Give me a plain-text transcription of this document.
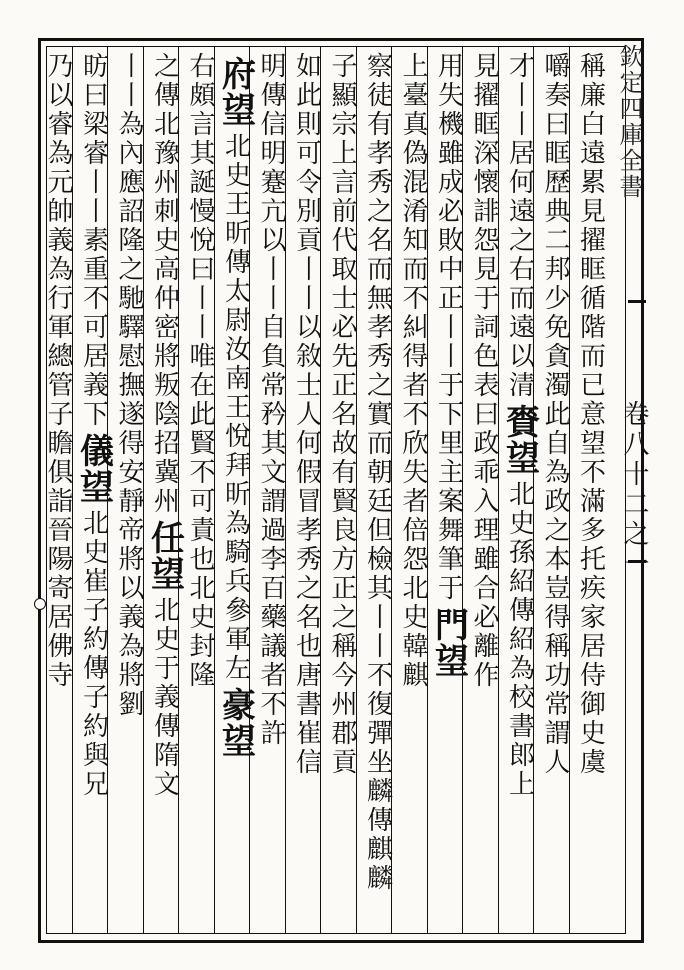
欽定四庫全書
卷八十二之一
稱廉白遠累見擢眶循階而已意望不滿多托疾家居侍御史虞
嚼奏曰眶歷典二邦少免貪濁此自為政之本豈得稱功常謂人
才丨丨居何遠之右而遠以清
賚望
北史孫紹傳紹為校書郎上
見擢眶深懷誹怨見于詞色
表曰政乖入理雖合必離作
用失機雖成必敗中正丨丨于下里主案舞筆于
門望
上臺真偽混淆知而不糾得者不欣失者倍怨
北史韓麒
察徒有孝秀之名而無孝秀之實而朝廷但檢其丨丨不復彈坐
麟傳麒麟
子顯宗上言前代取士必先正名故有賢良方正之稱今州郡貢
如此則可令別貢丨丨以敘士人何假冒孝秀之名也唐書崔信
明傳信明蹇亢以丨丨自負常矜其文謂過李百藥議者不許
府望
北史王昕傳太尉汝南王悅拜昕為騎兵參軍左
豪望
右頗言其誕慢悅曰丨丨唯在此賢不可責也
北史封隆
之傳北豫州刺史高仲密將叛陰招冀州
任望
北史于義傳隋文
丨丨為內應詔隆之馳驛慰撫遂得安靜
帝將以義為將劉
昉曰梁睿丨丨素重不可居義下
儀望
北史崔子約傳子約與兄
乃以睿為元帥義為行軍總管
子瞻俱詣晉陽寄居佛寺
